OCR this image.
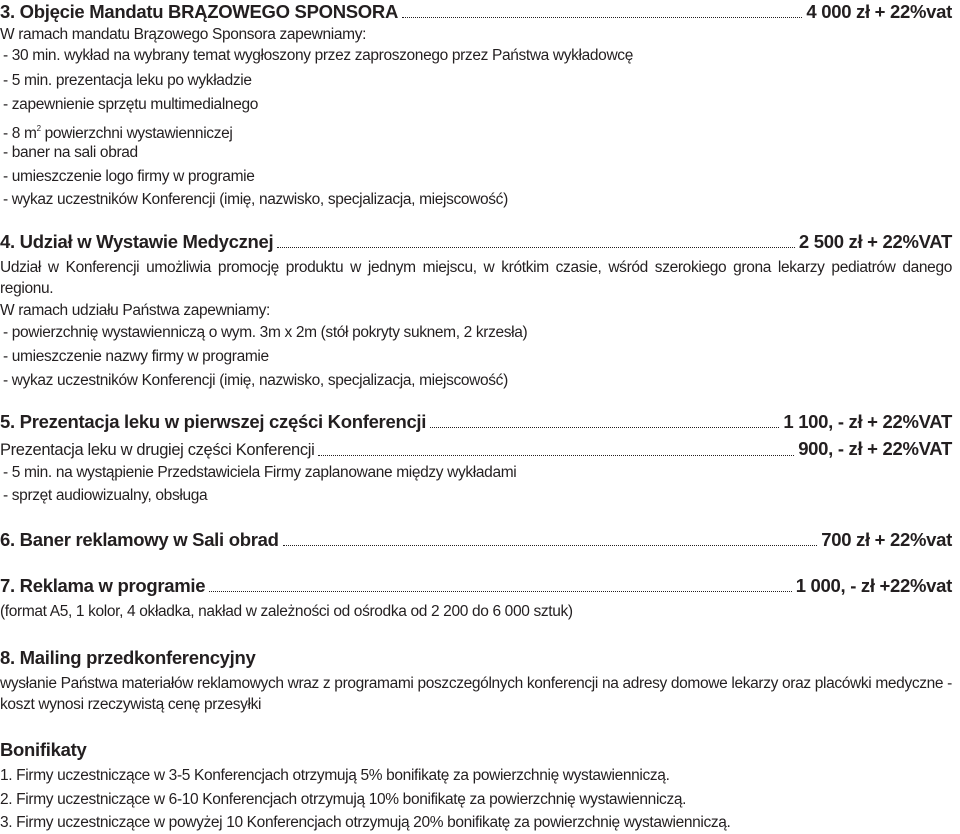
3. Objęcie Mandatu BRĄZOWEGO SPONSORA	4 000 zł + 22%vat
W ramach mandatu Brązowego Sponsora zapewniamy:
- 30 min. wykład na wybrany temat wygłoszony przez zaproszonego przez Państwa wykładowcę
- 5 min. prezentacja leku po wykładzie
- zapewnienie sprzętu multimedialnego
- 8 $m^2$ powierzchni wystawienniczej
- baner na sali obrad
- umieszczenie logo firmy w programie
- wykaz uczestników Konferencji (imię, nazwisko, specjalizacja, miejscowość)
4. Udział w Wystawie Medycznej	2 500 zł + 22%VAT
Udział w Konferencji umożliwia promocję produktu w jednym miejscu, w krótkim czasie, wśród szerokiego grona lekarzy pediatrów danego regionu.
W ramach udziału Państwa zapewniamy:
- powierzchnię wystawienniczą o wym. 3m x 2m (stół pokryty suknem, 2 krzesła)
- umieszczenie nazwy firmy w programie
- wykaz uczestników Konferencji (imię, nazwisko, specjalizacja, miejscowość)
5. Prezentacja leku w pierwszej części Konferencji	1 100, - zł + 22%VAT
Prezentacja leku w drugiej części Konferencji	900, - zł + 22%VAT
- 5 min. na wystąpienie Przedstawiciela Firmy zaplanowane między wykładami
- sprzęt audiowizualny, obsługa
6. Baner reklamowy w Sali obrad	700 zł + 22%vat
7. Reklama w programie	1 000, - zł +22%vat
(format A5, 1 kolor, 4 okładka, nakład w zależności od ośrodka od 2 200 do 6 000 sztuk)
8. Mailing przedkonferencyjny
wysłanie Państwa materiałów reklamowych wraz z programami poszczególnych konferencji na adresy domowe lekarzy oraz placówki medyczne - koszt wynosi rzeczywistą cenę przesyłki
Bonifikaty
1. Firmy uczestniczące w 3-5 Konferencjach otrzymują 5% bonifikatę za powierzchnię wystawienniczą.
2. Firmy uczestniczące w 6-10 Konferencjach otrzymują 10% bonifikatę za powierzchnię wystawienniczą.
3. Firmy uczestniczące w powyżej 10 Konferencjach otrzymują 20% bonifikatę za powierzchnię wystawienniczą.
